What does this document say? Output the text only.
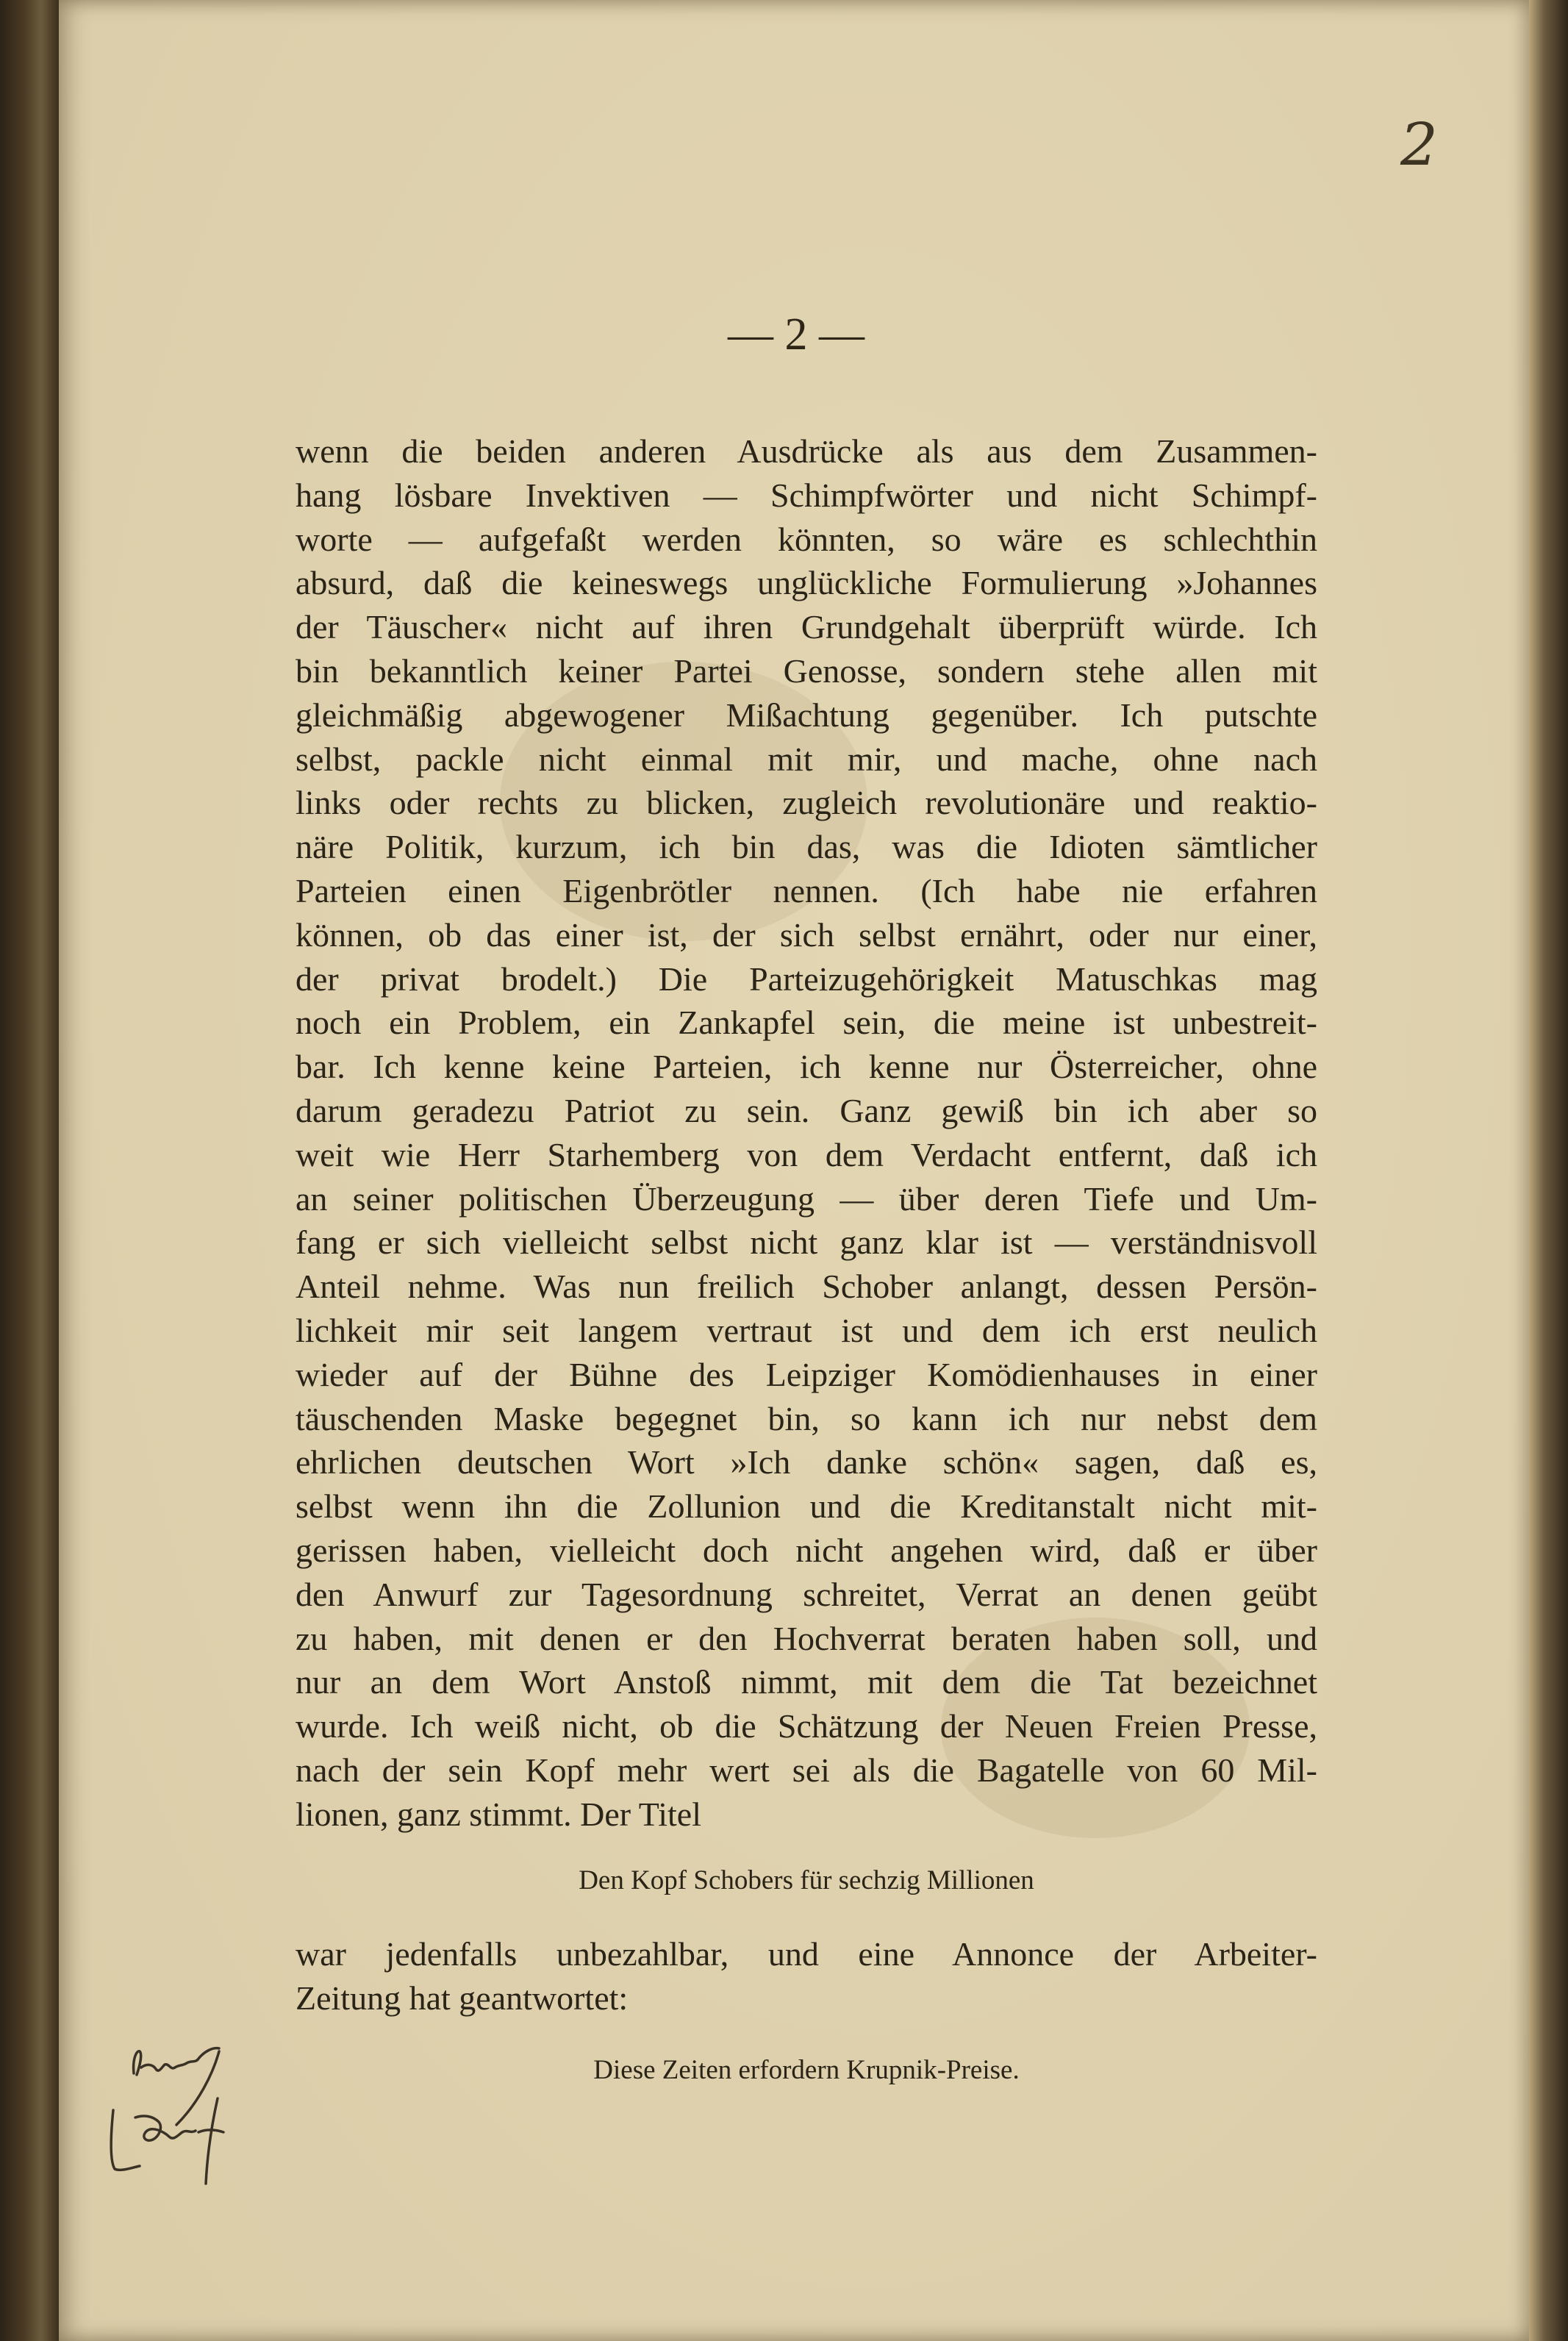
2
— 2 —
wenn die beiden anderen Ausdrücke als aus dem Zusammen-
hang lösbare Invektiven — Schimpfwörter und nicht Schimpf-
worte — aufgefaßt werden könnten, so wäre es schlechthin
absurd, daß die keineswegs unglückliche Formulierung »Johannes
der Täuscher« nicht auf ihren Grundgehalt überprüft würde. Ich
bin bekanntlich keiner Partei Genosse, sondern stehe allen mit
gleichmäßig abgewogener Mißachtung gegenüber. Ich putschte
selbst, packle nicht einmal mit mir, und mache, ohne nach
links oder rechts zu blicken, zugleich revolutionäre und reaktio-
näre Politik, kurzum, ich bin das, was die Idioten sämtlicher
Parteien einen Eigenbrötler nennen. (Ich habe nie erfahren
können, ob das einer ist, der sich selbst ernährt, oder nur einer,
der privat brodelt.) Die Parteizugehörigkeit Matuschkas mag
noch ein Problem, ein Zankapfel sein, die meine ist unbestreit-
bar. Ich kenne keine Parteien, ich kenne nur Österreicher, ohne
darum geradezu Patriot zu sein. Ganz gewiß bin ich aber so
weit wie Herr Starhemberg von dem Verdacht entfernt, daß ich
an seiner politischen Überzeugung — über deren Tiefe und Um-
fang er sich vielleicht selbst nicht ganz klar ist — verständnisvoll
Anteil nehme. Was nun freilich Schober anlangt, dessen Persön-
lichkeit mir seit langem vertraut ist und dem ich erst neulich
wieder auf der Bühne des Leipziger Komödienhauses in einer
täuschenden Maske begegnet bin, so kann ich nur nebst dem
ehrlichen deutschen Wort »Ich danke schön« sagen, daß es,
selbst wenn ihn die Zollunion und die Kreditanstalt nicht mit-
gerissen haben, vielleicht doch nicht angehen wird, daß er über
den Anwurf zur Tagesordnung schreitet, Verrat an denen geübt
zu haben, mit denen er den Hochverrat beraten haben soll, und
nur an dem Wort Anstoß nimmt, mit dem die Tat bezeichnet
wurde. Ich weiß nicht, ob die Schätzung der Neuen Freien Presse,
nach der sein Kopf mehr wert sei als die Bagatelle von 60 Mil-
lionen, ganz stimmt. Der Titel
Den Kopf Schobers für sechzig Millionen
war jedenfalls unbezahlbar, und eine Annonce der Arbeiter-
Zeitung hat geantwortet:
Diese Zeiten erfordern Krupnik-Preise.
